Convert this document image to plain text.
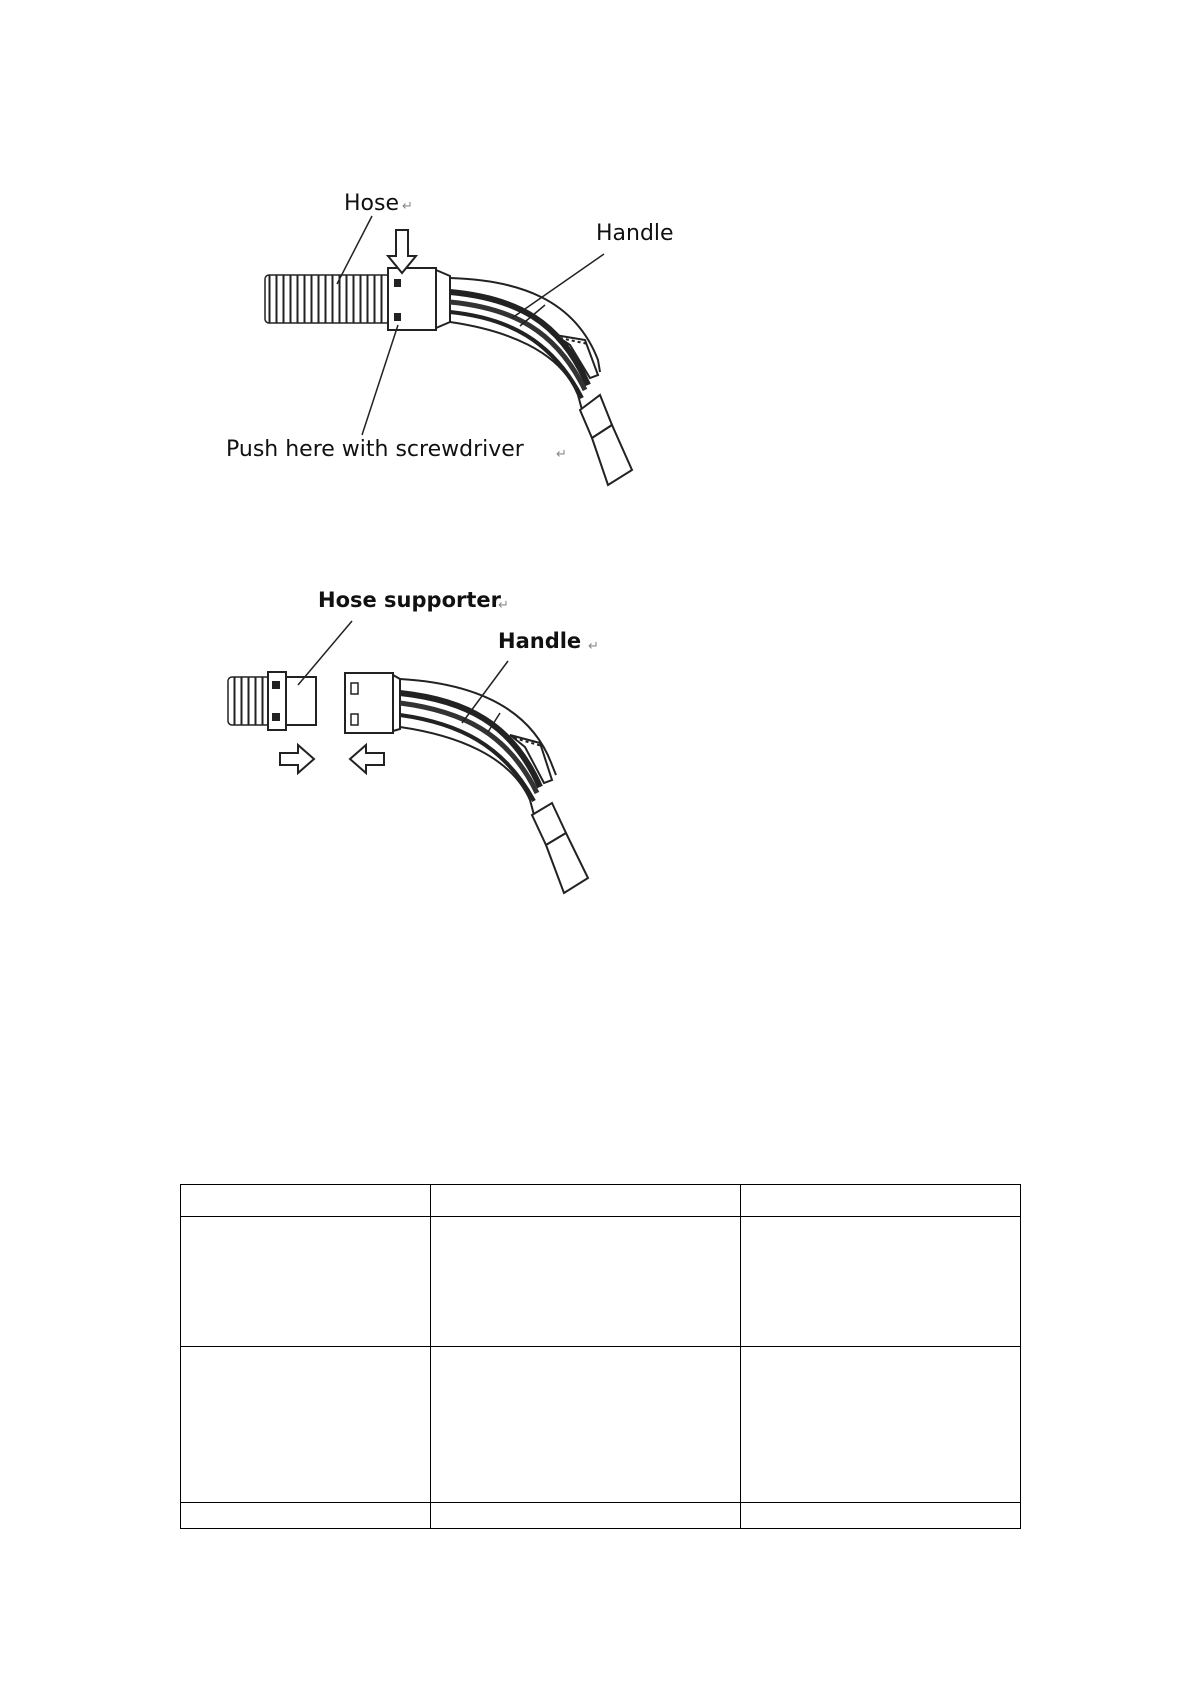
Hose ↵
Handle
Push here with screwdriver ↵
Hose supporter
↵
Handle ↵
